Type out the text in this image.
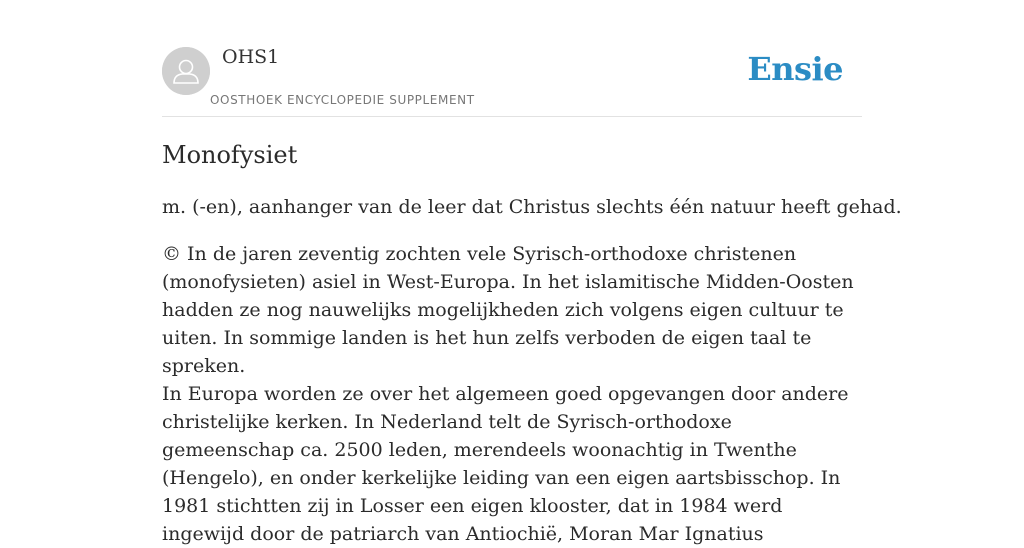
OHS1
OOSTHOEK ENCYCLOPEDIE SUPPLEMENT
Ensie
Monofysiet

m. (-en), aanhanger van de leer dat Christus slechts één natuur heeft gehad.

© In de jaren zeventig zochten vele Syrisch-orthodoxe christenen (monofysieten) asiel in West-Europa. In het islamitische Midden-Oosten hadden ze nog nauwelijks mogelijkheden zich volgens eigen cultuur te uiten. In sommige landen is het hun zelfs verboden de eigen taal te spreken.

In Europa worden ze over het algemeen goed opgevangen door andere christelijke kerken. In Nederland telt de Syrisch-orthodoxe gemeenschap ca. 2500 leden, merendeels woonachtig in Twenthe (Hengelo), en onder kerkelijke leiding van een eigen aartsbisschop. In 1981 stichtten zij in Losser een eigen klooster, dat in 1984 werd ingewijd door de patriarch van Antiochië, Moran Mar Ignatius
